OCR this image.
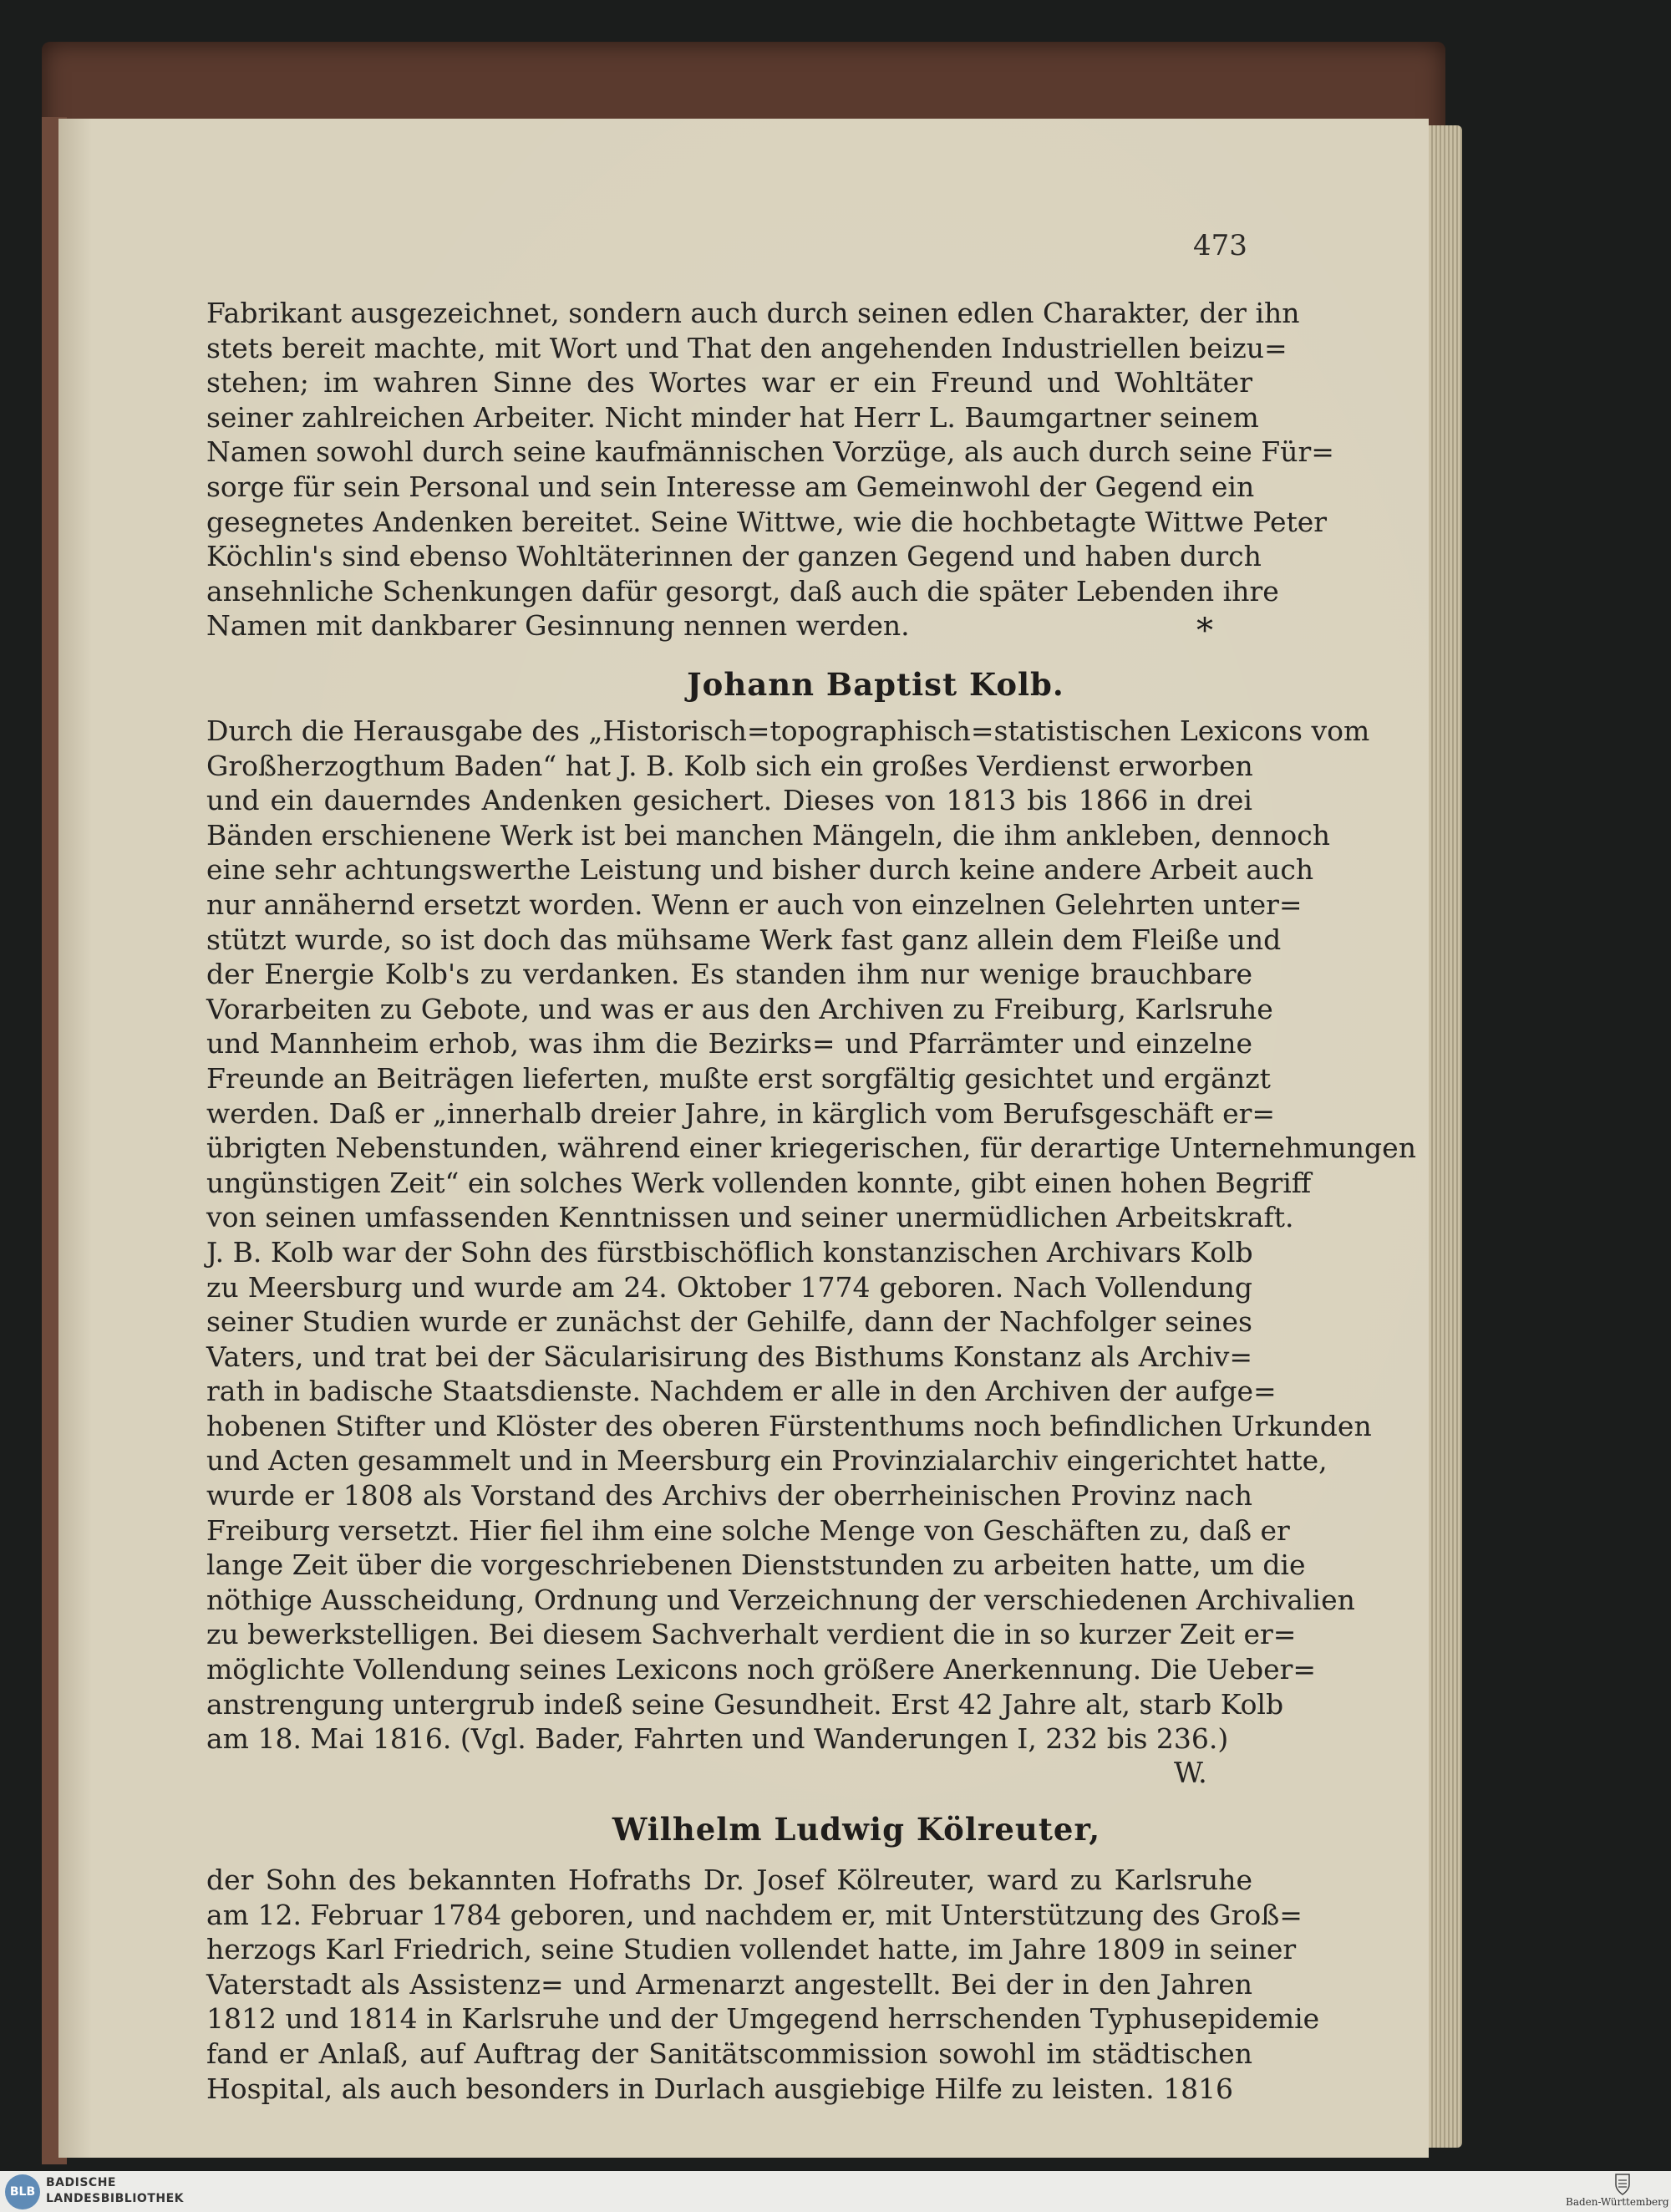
473
Fabrikant ausgezeichnet, sondern auch durch seinen edlen Charakter, der ihn
stets bereit machte, mit Wort und That den angehenden Industriellen beizu=
stehen; im wahren Sinne des Wortes war er ein Freund und Wohltäter
seiner zahlreichen Arbeiter. Nicht minder hat Herr L. Baumgartner seinem
Namen sowohl durch seine kaufmännischen Vorzüge, als auch durch seine Für=
sorge für sein Personal und sein Interesse am Gemeinwohl der Gegend ein
gesegnetes Andenken bereitet. Seine Wittwe, wie die hochbetagte Wittwe Peter
Köchlin's sind ebenso Wohltäterinnen der ganzen Gegend und haben durch
ansehnliche Schenkungen dafür gesorgt, daß auch die später Lebenden ihre
Namen mit dankbarer Gesinnung nennen werden.	*
Johann Baptist Kolb.
Durch die Herausgabe des „Historisch=topographisch=statistischen Lexicons vom
Großherzogthum Baden“ hat J. B. Kolb sich ein großes Verdienst erworben
und ein dauerndes Andenken gesichert. Dieses von 1813 bis 1866 in drei
Bänden erschienene Werk ist bei manchen Mängeln, die ihm ankleben, dennoch
eine sehr achtungswerthe Leistung und bisher durch keine andere Arbeit auch
nur annähernd ersetzt worden. Wenn er auch von einzelnen Gelehrten unter=
stützt wurde, so ist doch das mühsame Werk fast ganz allein dem Fleiße und
der Energie Kolb's zu verdanken. Es standen ihm nur wenige brauchbare
Vorarbeiten zu Gebote, und was er aus den Archiven zu Freiburg, Karlsruhe
und Mannheim erhob, was ihm die Bezirks= und Pfarrämter und einzelne
Freunde an Beiträgen lieferten, mußte erst sorgfältig gesichtet und ergänzt
werden. Daß er „innerhalb dreier Jahre, in kärglich vom Berufsgeschäft er=
übrigten Nebenstunden, während einer kriegerischen, für derartige Unternehmungen
ungünstigen Zeit“ ein solches Werk vollenden konnte, gibt einen hohen Begriff
von seinen umfassenden Kenntnissen und seiner unermüdlichen Arbeitskraft.
J. B. Kolb war der Sohn des fürstbischöflich konstanzischen Archivars Kolb
zu Meersburg und wurde am 24. Oktober 1774 geboren. Nach Vollendung
seiner Studien wurde er zunächst der Gehilfe, dann der Nachfolger seines
Vaters, und trat bei der Säcularisirung des Bisthums Konstanz als Archiv=
rath in badische Staatsdienste. Nachdem er alle in den Archiven der aufge=
hobenen Stifter und Klöster des oberen Fürstenthums noch befindlichen Urkunden
und Acten gesammelt und in Meersburg ein Provinzialarchiv eingerichtet hatte,
wurde er 1808 als Vorstand des Archivs der oberrheinischen Provinz nach
Freiburg versetzt. Hier fiel ihm eine solche Menge von Geschäften zu, daß er
lange Zeit über die vorgeschriebenen Dienststunden zu arbeiten hatte, um die
nöthige Ausscheidung, Ordnung und Verzeichnung der verschiedenen Archivalien
zu bewerkstelligen. Bei diesem Sachverhalt verdient die in so kurzer Zeit er=
möglichte Vollendung seines Lexicons noch größere Anerkennung. Die Ueber=
anstrengung untergrub indeß seine Gesundheit. Erst 42 Jahre alt, starb Kolb
am 18. Mai 1816. (Vgl. Bader, Fahrten und Wanderungen I, 232 bis 236.)
W.
Wilhelm Ludwig Kölreuter,
der Sohn des bekannten Hofraths Dr. Josef Kölreuter, ward zu Karlsruhe
am 12. Februar 1784 geboren, und nachdem er, mit Unterstützung des Groß=
herzogs Karl Friedrich, seine Studien vollendet hatte, im Jahre 1809 in seiner
Vaterstadt als Assistenz= und Armenarzt angestellt. Bei der in den Jahren
1812 und 1814 in Karlsruhe und der Umgegend herrschenden Typhusepidemie
fand er Anlaß, auf Auftrag der Sanitätscommission sowohl im städtischen
Hospital, als auch besonders in Durlach ausgiebige Hilfe zu leisten. 1816
BLB
BADISCHE
LANDESBIBLIOTHEK	Baden-Württemberg
